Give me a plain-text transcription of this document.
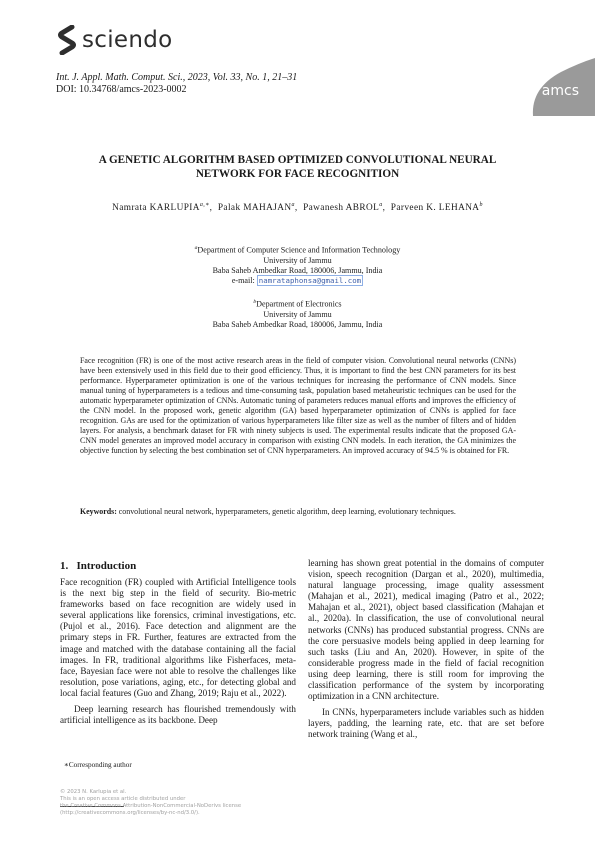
sciendo
amcs
Int. J. Appl. Math. Comput. Sci., 2023, Vol. 33, No. 1, 21–31
DOI: 10.34768/amcs-2023-0002
A GENETIC ALGORITHM BASED OPTIMIZED CONVOLUTIONAL NEURAL
NETWORK FOR FACE RECOGNITION
Namrata $KARLUPIA^{a,∗}$, Palak MAHAJAN$^a$, Pawanesh ABROL$^a$, Parveen K. LEHANA$^b$
$^a$Department of Computer Science and Information Technology
University of Jammu
Baba Saheb Ambedkar Road, 180006, Jammu, India
e-mail: namrataphonsa@gmail.com
$^b$Department of Electronics
University of Jammu
Baba Saheb Ambedkar Road, 180006, Jammu, India
Face recognition (FR) is one of the most active research areas in the field of computer vision. Convolutional neural networks (CNNs) have been extensively used in this field due to their good efficiency. Thus, it is important to find the best CNN parameters for its best performance. Hyperparameter optimization is one of the various techniques for increasing the performance of CNN models. Since manual tuning of hyperparameters is a tedious and time-consuming task, population based metaheuristic techniques can be used for the automatic hyperparameter optimization of CNNs. Automatic tuning of parameters reduces manual efforts and improves the efficiency of the CNN model. In the proposed work, genetic algorithm (GA) based hyperparameter optimization of CNNs is applied for face recognition. GAs are used for the optimization of various hyperparameters like filter size as well as the number of filters and of hidden layers. For analysis, a benchmark dataset for FR with ninety subjects is used. The experimental results indicate that the proposed GA-CNN model generates an improved model accuracy in comparison with existing CNN models. In each iteration, the GA minimizes the objective function by selecting the best combination set of CNN hyperparameters. An improved accuracy of 94.5 % is obtained for FR.
Keywords: convolutional neural network, hyperparameters, genetic algorithm, deep learning, evolutionary techniques.
1. Introduction

Face recognition (FR) coupled with Artificial Intelligence tools is the next big step in the field of security. Bio-metric frameworks based on face recognition are widely used in several applications like forensics, criminal investigations, etc. (Pujol et al., 2016). Face detection and alignment are the primary steps in FR. Further, features are extracted from the image and matched with the database containing all the facial images. In FR, traditional algorithms like Fisherfaces, meta-face, Bayesian face were not able to resolve the challenges like resolution, pose variations, aging, etc., for detecting global and local facial features (Guo and Zhang, 2019; Raju et al., 2022).

Deep learning research has flourished tremendously with artificial intelligence as its backbone. Deep

learning has shown great potential in the domains of computer vision, speech recognition (Dargan et al., 2020), multimedia, natural language processing, image quality assessment (Mahajan et al., 2021), medical imaging (Patro et al., 2022; Mahajan et al., 2021), object based classification (Mahajan et al., 2020a). In classification, the use of convolutional neural networks (CNNs) has produced substantial progress. CNNs are the core persuasive models being applied in deep learning for such tasks (Liu and An, 2020). However, in spite of the considerable progress made in the field of facial recognition using deep learning, there is still room for improving the classification performance of the system by incorporating optimization in a CNN architecture.

In CNNs, hyperparameters include variables such as hidden layers, padding, the learning rate, etc. that are set before network training (Wang et al.,

∗Corresponding author
© 2023 N. Karlupia et al.
This is an open access article distributed under
the Creative Commons Attribution-NonCommercial-NoDerivs license
(http://creativecommons.org/licenses/by-nc-nd/3.0/).
